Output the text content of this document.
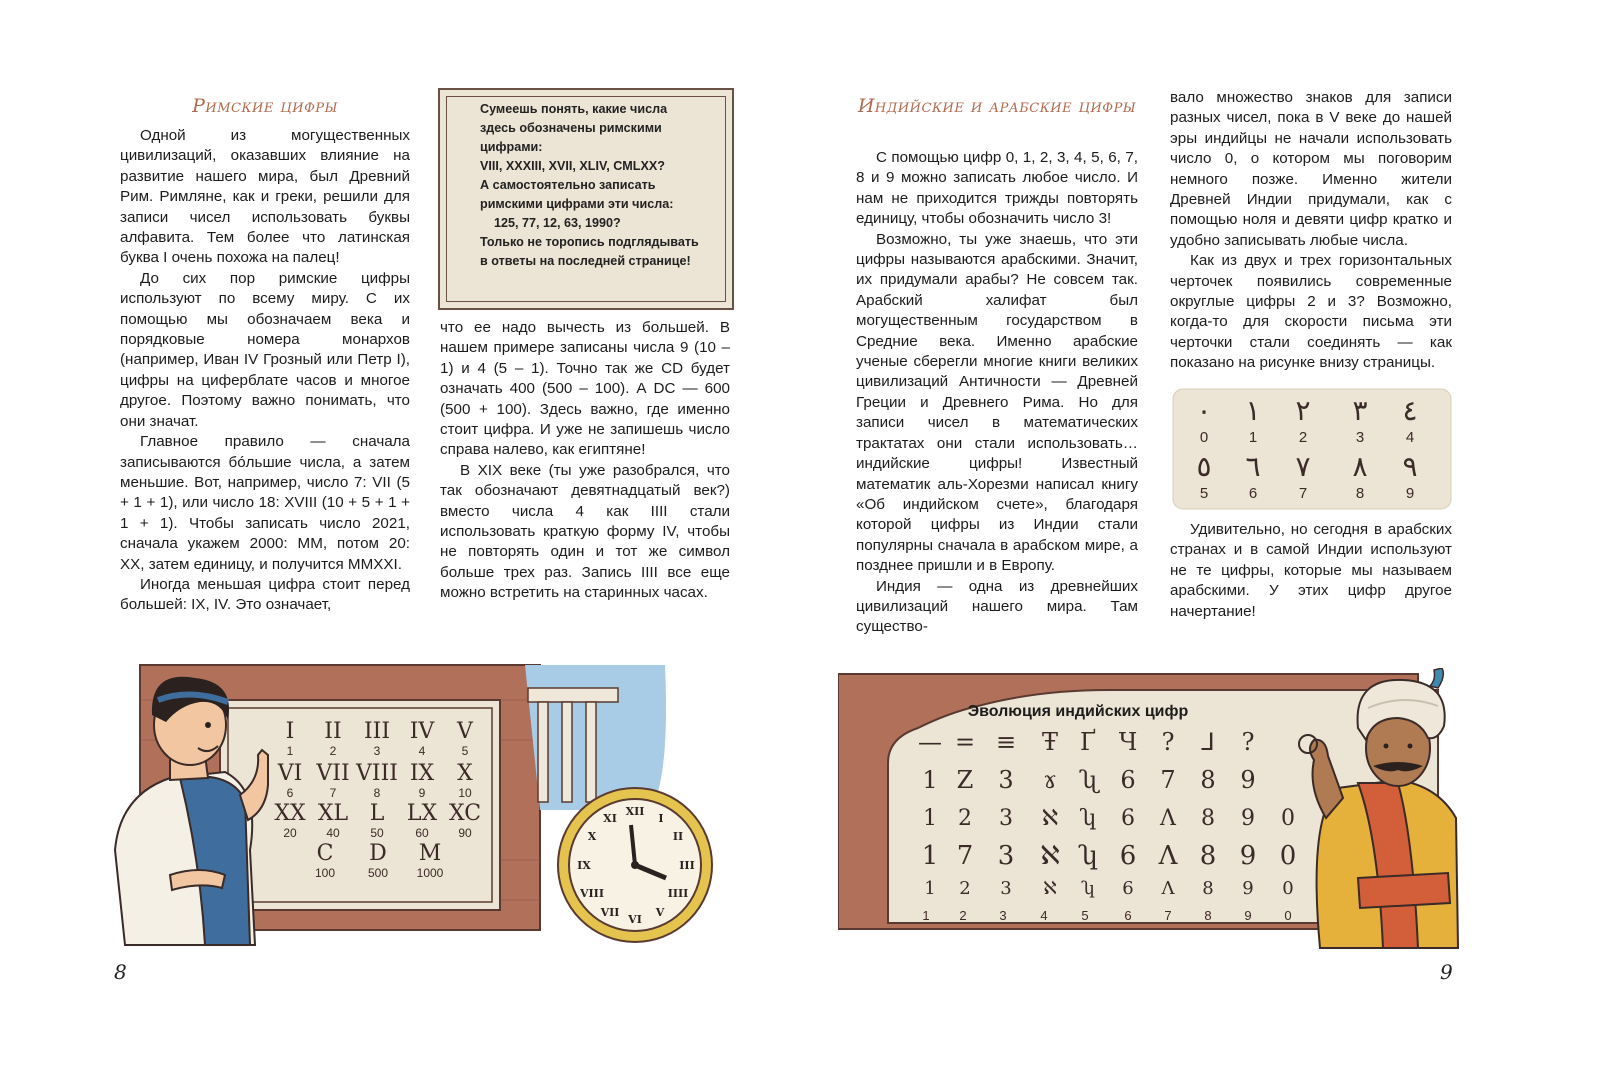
Римские цифры

Одной из могущественных цивилизаций, оказавших влияние на развитие нашего мира, был Древний Рим. Римляне, как и греки, решили для записи чисел использовать буквы алфавита. Тем более что латинская буква I очень похожа на палец!

До сих пор римские цифры используют по всему миру. С их помощью мы обозначаем века и порядковые номера монархов (например, Иван IV Грозный или Петр I), цифры на циферблате часов и многое другое. Поэтому важно понимать, что они значат.

Главное правило — сначала записываются бóльшие числа, а затем меньшие. Вот, например, число 7: VII (5 + 1 + 1), или число 18: XVIII (10 + 5 + 1 + 1 + 1). Чтобы записать число 2021, сначала укажем 2000: MM, потом 20: XX, затем единицу, и получится MMXXI.

Иногда меньшая цифра стоит перед большей: IX, IV. Это означает,

Сумеешь понять, какие числа здесь обозначены римскими цифрами:
VIII, XXXIII, XVII, XLIV, CMLXX?
А самостоятельно записать римскими цифрами эти числа:
125, 77, 12, 63, 1990?
Только не торопись подглядывать в ответы на последней странице!

что ее надо вычесть из большей. В нашем примере записаны числа 9 (10 – 1) и 4 (5 – 1). Точно так же CD будет означать 400 (500 – 100). А DC — 600 (500 + 100). Здесь важно, где именно стоит цифра. И уже не запишешь число справа налево, как египтяне!

В XIX веке (ты уже разобрался, что так обозначают девятнадцатый век?) вместо числа 4 как IIII стали использовать краткую форму IV, чтобы не повторять один и тот же символ больше трех раз. Запись IIII все еще можно встретить на старинных часах.

I II III IV V
1	2	3	4	5
VI VII VIII IX X
6	7	8	9	10
XX XL L LX XC
20 40	50	60 90
C D M
100	500 1000
XII
I
II
III
IIII
V
VI
VII
VIII
IX
X
XI
8
Индийские и арабские цифры

С помощью цифр 0, 1, 2, 3, 4, 5, 6, 7, 8 и 9 можно записать любое число. И нам не приходится трижды повторять единицу, чтобы обозначить число 3!

Возможно, ты уже знаешь, что эти цифры называются арабскими. Значит, их придумали арабы? Не совсем так. Арабский халифат был могущественным государством в Средние века. Именно арабские ученые сберегли многие книги великих цивилизаций Античности — Древней Греции и Древнего Рима. Но для записи чисел в математических трактатах они стали использовать… индийские цифры! Известный математик аль-Хорезми написал книгу «Об индийском счете», благодаря которой цифры из Индии стали популярны сначала в арабском мире, а позднее пришли и в Европу.

Индия — одна из древнейших цивилизаций нашего мира. Там существо-

вало множество знаков для записи разных чисел, пока в V веке до нашей эры индийцы не начали использовать число 0, о котором мы поговорим немного позже. Именно жители Древней Индии придумали, как с помощью ноля и девяти цифр кратко и удобно записывать любые числа.

Как из двух и трех горизонтальных черточек появились современные округлые цифры 2 и 3? Возможно, когда-то для скорости письма эти черточки стали соединять — как показано на рисунке внизу страницы.

٠ ١ ٢ ٣ ٤
0	1	2	3	4
٥ ٦ ٧ ٨ ٩
5	6	7	8	9

Удивительно, но сегодня в арабских странах и в самой Индии используют не те цифры, которые мы называем арабскими. У этих цифр другое начертание!

Эволюция индийских цифр
— = ≡ Ŧ Ґ Ч ? ⅃ ?
1 Z 3 ɤ ʯ 6 7 8 9
1 2 3 ℵ ʮ 6 Λ 8 9 0
1 7 3 ℵ ʮ 6 Λ 8 9 0
1 2 3 ℵ ʮ 6 Λ 8 9 0
1 2	3	4	5	6	7	8	9	0
9
